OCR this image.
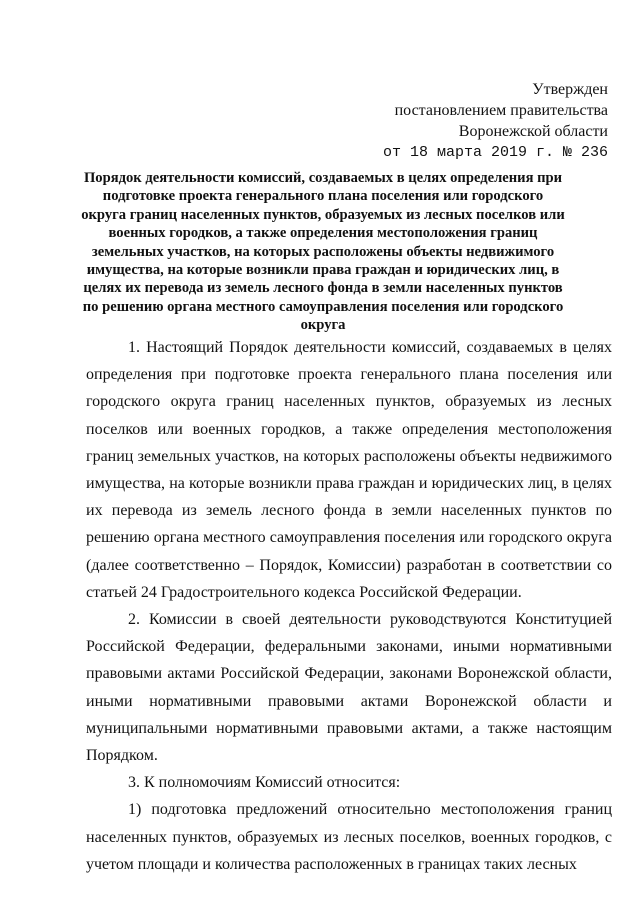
Утвержден
постановлением правительства
Воронежской области
от 18 марта 2019 г. № 236
Порядок деятельности комиссий, создаваемых в целях определения при подготовке проекта генерального плана поселения или городского округа границ населенных пунктов, образуемых из лесных поселков или военных городков, а также определения местоположения границ земельных участков, на которых расположены объекты недвижимого имущества, на которые возникли права граждан и юридических лиц, в целях их перевода из земель лесного фонда в земли населенных пунктов по решению органа местного самоуправления поселения или городского округа

1. Настоящий Порядок деятельности комиссий, создаваемых в целях определения при подготовке проекта генерального плана поселения или городского округа границ населенных пунктов, образуемых из лесных поселков или военных городков, а также определения местоположения границ земельных участков, на которых расположены объекты недвижимого имущества, на которые возникли права граждан и юридических лиц, в целях их перевода из земель лесного фонда в земли населенных пунктов по решению органа местного самоуправления поселения или городского округа (далее соответственно – Порядок, Комиссии) разработан в соответствии со статьей 24 Градостроительного кодекса Российской Федерации.

2. Комиссии в своей деятельности руководствуются Конституцией Российской Федерации, федеральными законами, иными нормативными правовыми актами Российской Федерации, законами Воронежской области, иными нормативными правовыми актами Воронежской области и муниципальными нормативными правовыми актами, а также настоящим Порядком.

3. К полномочиям Комиссий относится:

1) подготовка предложений относительно местоположения границ населенных пунктов, образуемых из лесных поселков, военных городков, с учетом площади и количества расположенных в границах таких лесных
